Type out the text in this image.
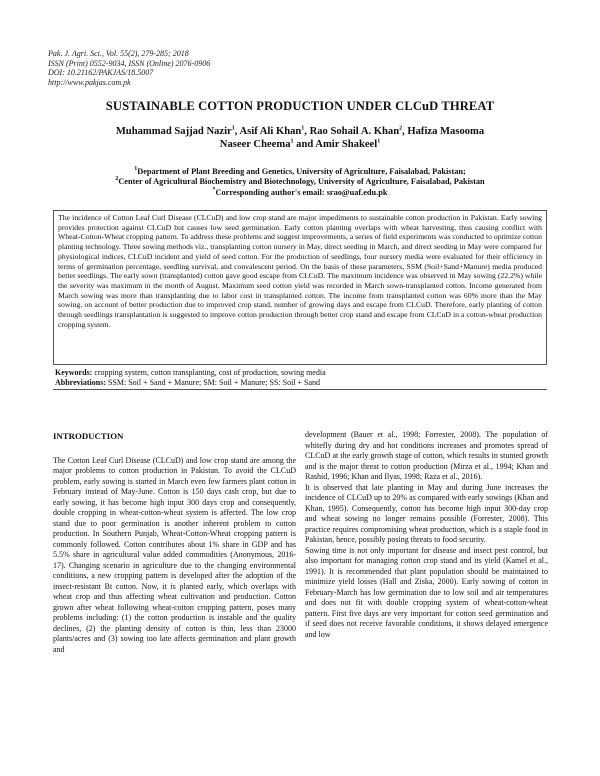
Pak. J. Agri. Sci., Vol. 55(2), 279-285; 2018
ISSN (Print) 0552-9034, ISSN (Online) 2076-0906
DOI: 10.21162/PAKJAS/18.5007
http://www.pakjas.com.pk
SUSTAINABLE COTTON PRODUCTION UNDER CLCuD THREAT
Muhammad Sajjad Nazir$^1$, Asif Ali Khan$^1$, Rao Sohail A. Khan$^2$, Hafiza Masooma Naseer Cheema$^1$ and Amir Shakeel$^1$
$^1$Department of Plant Breeding and Genetics, University of Agriculture, Faisalabad, Pakistan;
$^2$Center of Agricultural Biochemistry and Biotechnology, University of Agriculture, Faisalabad, Pakistan
*Corresponding author's email: srao@uaf.edu.pk
The incidence of Cotton Leaf Curl Disease (CLCuD) and low crop stand are major impediments to sustainable cotton production in Pakistan. Early sowing provides protection against CLCuD but causes low seed germination. Early cotton planting overlaps with wheat harvesting, thus causing conflict with Wheat-Cotton-Wheat cropping pattern. To address these problems and suggest improvements, a series of field experiments was conducted to optimize cotton planting technology. Three sowing methods viz., transplanting cotton nursery in May, direct seeding in March, and direct seeding in May were compared for physiological indices, CLCuD incident and yield of seed cotton. For the production of seedlings, four nursery media were evaluated for their efficiency in terms of germination percentage, seedling survival, and convalescent period. On the basis of these parameters, SSM (Soil+Sand+Manure) media produced better seedlings. The early sown (transplanted) cotton gave good escape from CLCuD. The maximum incidence was observed in May sowing (22.2%) while the severity was maximum in the month of August. Maximum seed cotton yield was recorded in March sown-transplanted cotton. Income generated from March sowing was more than transplanting due to labor cost in transplanted cotton. The income from transplanted cotton was 60% more than the May sowing, on account of better production due to improved crop stand, number of growing days and escape from CLCuD. Therefore, early planting of cotton through seedlings transplantation is suggested to improve cotton production through better crop stand and escape from CLCuD in a cotton-wheat production cropping system.
Keywords: cropping system, cotton transplanting, cost of production, sowing media
Abbreviations: SSM: Soil + Sand + Manure; SM: Soil + Manure; SS: Soil + Sand
INTRODUCTION

The Cotton Leaf Curl Disease (CLCuD) and low crop stand are among the major problems to cotton production in Pakistan. To avoid the CLCuD problem, early sowing is started in March even few farmers plant cotton in February instead of May-June. Cotton is 150 days cash crop, but due to early sowing, it has become high input 300 days crop and consequently, double cropping in wheat-cotton-wheat system is affected. The low crop stand due to poor germination is another inherent problem to cotton production. In Southern Punjab, Wheat-Cotton-Wheat cropping pattern is commonly followed. Cotton contributes about 1% share in GDP and has 5.5% share in agricultural value added commodities (Anonymous, 2016-17). Changing scenario in agriculture due to the changing environmental conditions, a new cropping pattern is developed after the adoption of the insect-resistant Bt cotton. Now, it is planted early, which overlaps with wheat crop and thus affecting wheat cultivation and production. Cotton grown after wheat following wheat-cotton cropping pattern, poses many problems including: (1) the cotton production is instable and the quality declines, (2) the planting density of cotton is thin, less than 23000 plants/acres and (3) sowing too late affects germination and plant growth and

development (Bauer et al., 1998; Forrester, 2008). The population of whitefly during dry and hot conditions increases and promotes spread of CLCuD at the early growth stage of cotton, which results in stunted growth and is the major threat to cotton production (Mirza et al., 1994; Khan and Rashid, 1996; Khan and Ilyas, 1998; Raza et al., 2016).

It is observed that late planting in May and during June increases the incidence of CLCuD up to 20% as compared with early sowings (Khan and Khan, 1995). Consequently, cotton has become high input 300-day crop and wheat sowing no longer remains possible (Forrester, 2008). This practice requires compromising wheat production, which is a staple food in Pakistan, hence, possibly posing threats to food security.

Sowing time is not only important for disease and insect pest control, but also important for managing cotton crop stand and its yield (Kamel et al., 1991). It is recommended that plant population should be maintained to minimize yield losses (Hall and Ziska, 2000). Early sowing of cotton in February-March has low germination due to low soil and air temperatures and does not fit with double cropping system of wheat-cotton-wheat pattern. First five days are very important for cotton seed germination and if seed does not receive favorable conditions, it shows delayed emergence and low
